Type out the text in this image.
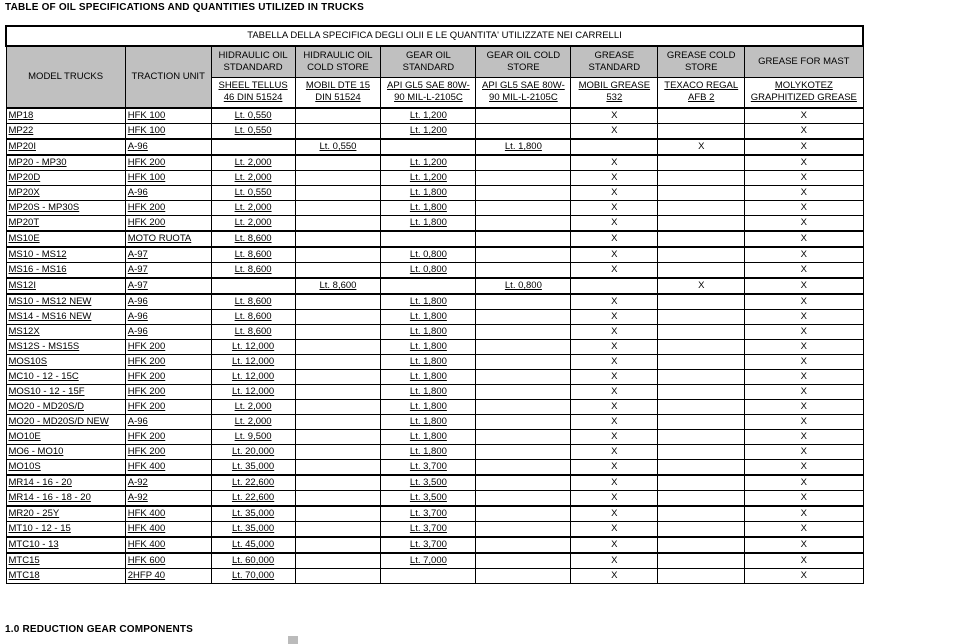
TABLE OF OIL SPECIFICATIONS AND QUANTITIES UTILIZED IN TRUCKS
TABELLA DELLA SPECIFICA DEGLI OLII E LE QUANTITA' UTILIZZATE NEI CARRELLI								
MODEL TRUCKS	TRACTION UNIT	HIDRAULIC OIL STDANDARD	HIDRAULIC OIL COLD STORE	GEAR OIL STANDARD	GEAR OIL COLD STORE	GREASE STANDARD	GREASE COLD STORE	GREASE FOR MAST
		SHEEL TELLUS 46 DIN 51524	MOBIL DTE 15 DIN 51524	API GL5 SAE 80W-90 MIL-L-2105C	API GL5 SAE 80W-90 MIL-L-2105C	MOBIL GREASE 532	TEXACO REGAL AFB 2	MOLYKOTEZ GRAPHITIZED GREASE
MP18	HFK 100	Lt. 0,550		Lt. 1,200		X		X
MP22	HFK 100	Lt. 0,550		Lt. 1,200		X		X
MP20I	A-96		Lt. 0,550		Lt. 1,800		X	X
MP20 - MP30	HFK 200	Lt. 2,000		Lt. 1,200		X		X
MP20D	HFK 100	Lt. 2,000		Lt. 1,200		X		X
MP20X	A-96	Lt. 0,550		Lt. 1,800		X		X
MP20S - MP30S	HFK 200	Lt. 2,000		Lt. 1,800		X		X
MP20T	HFK 200	Lt. 2,000		Lt. 1,800		X		X
MS10E	MOTO RUOTA	Lt. 8,600				X		X
MS10 - MS12	A-97	Lt. 8,600		Lt. 0,800		X		X
MS16 - MS16	A-97	Lt. 8,600		Lt. 0,800		X		X
MS12I	A-97		Lt. 8,600		Lt. 0,800		X	X
MS10 - MS12 NEW	A-96	Lt. 8,600		Lt. 1,800		X		X
MS14 - MS16 NEW	A-96	Lt. 8,600		Lt. 1,800		X		X
MS12X	A-96	Lt. 8,600		Lt. 1,800		X		X
MS12S - MS15S	HFK 200	Lt. 12,000		Lt. 1,800		X		X
MOS10S	HFK 200	Lt. 12,000		Lt. 1,800		X		X
MC10 - 12 - 15C	HFK 200	Lt. 12,000		Lt. 1,800		X		X
MOS10 - 12 - 15F	HFK 200	Lt. 12,000		Lt. 1,800		X		X
MO20 - MD20S/D	HFK 200	Lt. 2,000		Lt. 1,800		X		X
MO20 - MD20S/D NEW	A-96	Lt. 2,000		Lt. 1,800		X		X
MO10E	HFK 200	Lt. 9,500		Lt. 1,800		X		X
MO6 - MO10	HFK 200	Lt. 20,000		Lt. 1,800		X		X
MO10S	HFK 400	Lt. 35,000		Lt. 3,700		X		X
MR14 - 16 - 20	A-92	Lt. 22,600		Lt. 3,500		X		X
MR14 - 16 - 18 - 20	A-92	Lt. 22,600		Lt. 3,500		X		X
MR20 - 25Y	HFK 400	Lt. 35,000		Lt. 3,700		X		X
MT10 - 12 - 15	HFK 400	Lt. 35,000		Lt. 3,700		X		X
MTC10 - 13	HFK 400	Lt. 45,000		Lt. 3,700		X		X
MTC15	HFK 600	Lt. 60,000		Lt. 7,000		X		X
MTC18	2HFP 40	Lt. 70,000				X		X
1.0 REDUCTION GEAR COMPONENTS
